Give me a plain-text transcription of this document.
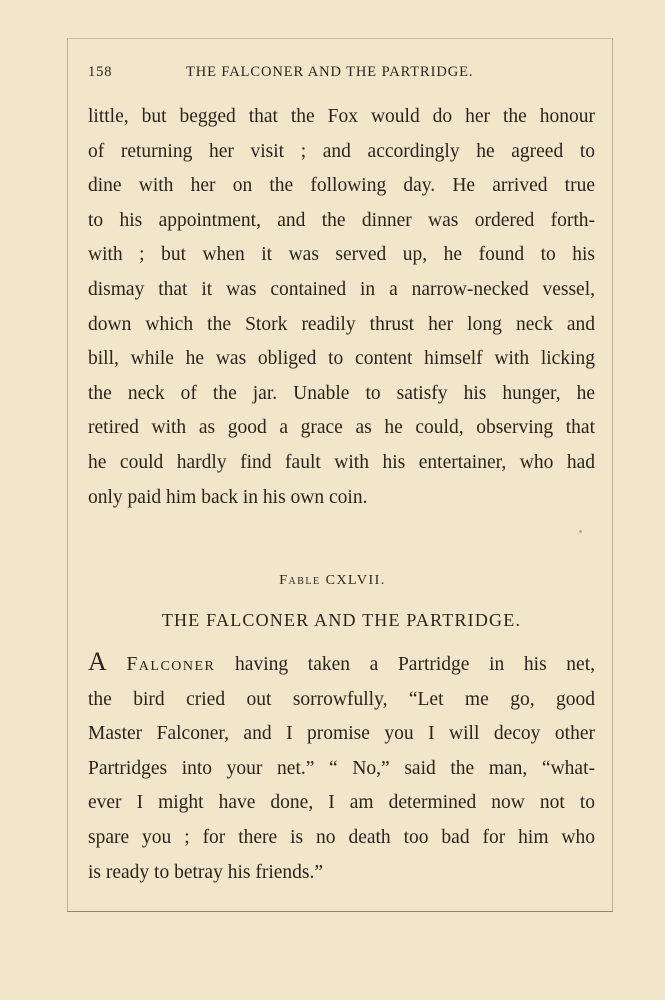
158	THE FALCONER AND THE PARTRIDGE.
little, but begged that the Fox would do her the honour
of returning her visit ; and accordingly he agreed to
dine with her on the following day. He arrived true
to his appointment, and the dinner was ordered forth-
with ; but when it was served up, he found to his
dismay that it was contained in a narrow-necked vessel,
down which the Stork readily thrust her long neck and
bill, while he was obliged to content himself with licking
the neck of the jar. Unable to satisfy his hunger, he
retired with as good a grace as he could, observing that
he could hardly find fault with his entertainer, who had
only paid him back in his own coin.
Fable CXLVII.
THE FALCONER AND THE PARTRIDGE.
A Falconer having taken a Partridge in his net,
the bird cried out sorrowfully, “Let me go, good
Master Falconer, and I promise you I will decoy other
Partridges into your net.” “ No,” said the man, “what-
ever I might have done, I am determined now not to
spare you ; for there is no death too bad for him who
is ready to betray his friends.”
